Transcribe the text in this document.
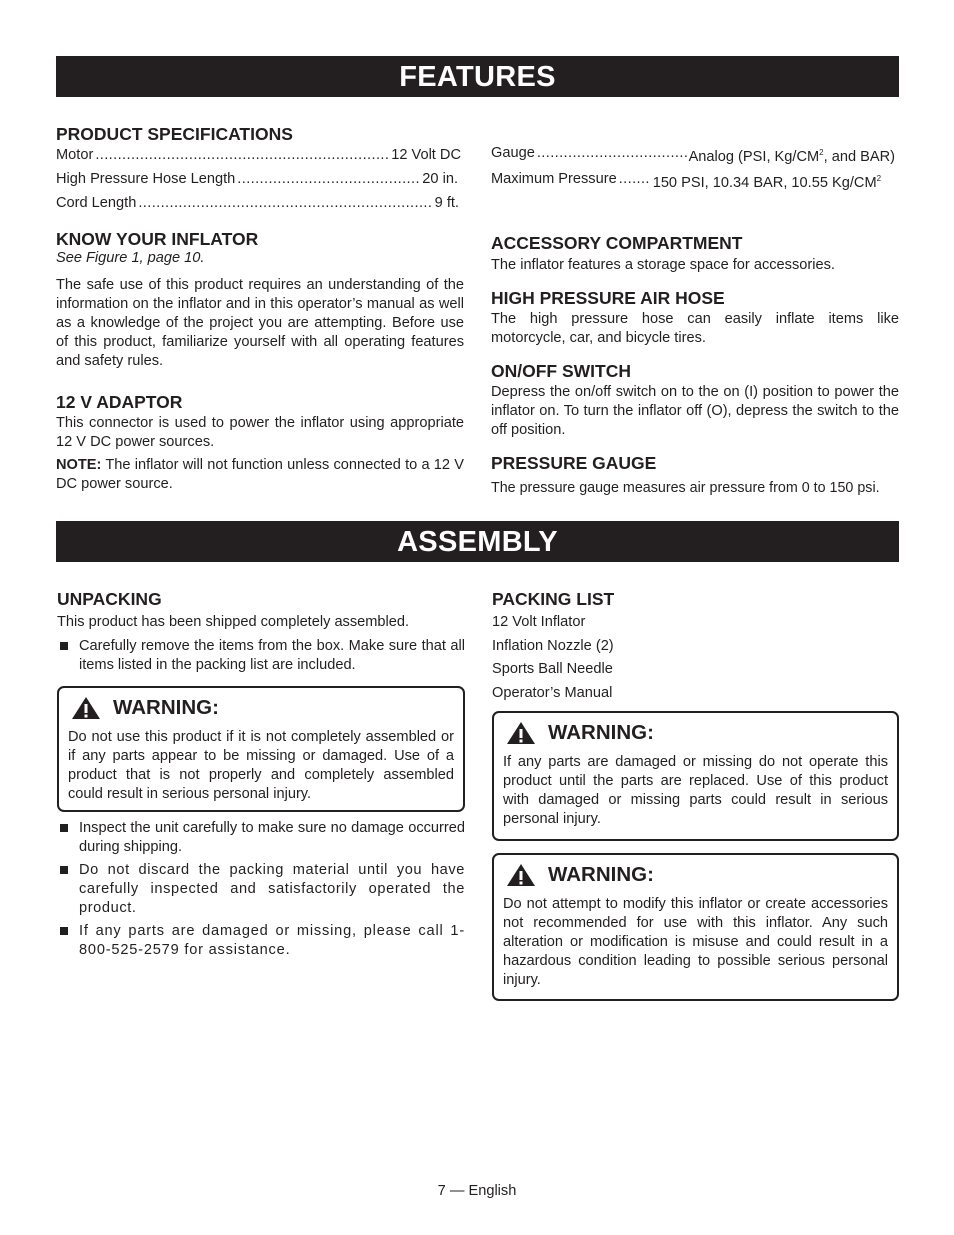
FEATURES
PRODUCT SPECIFICATIONS
Motor .....	12 Volt DC
High Pressure Hose Length .....	20 in.
Cord Length .....	9 ft.
KNOW YOUR INFLATOR
See Figure 1, page 10.

The safe use of this product requires an understanding of the information on the inflator and in this operator’s manual as well as a knowledge of the project you are attempting. Before use of this product, familiarize yourself with all operating features and safety rules.

12 V ADAPTOR

This connector is used to power the inflator using appropriate 12 V DC power sources.

NOTE: The inflator will not function unless connected to a 12 V DC power source.

Gauge .....	Analog (PSI, $Kg/CM^2$, and BAR)
Maximum Pressure ..... 150 PSI, 10.34 BAR, 10.55 $Kg/CM^2$
ACCESSORY COMPARTMENT

The inflator features a storage space for accessories.

HIGH PRESSURE AIR HOSE

The high pressure hose can easily inflate items like motorcycle, car, and bicycle tires.

ON/OFF SWITCH

Depress the on/off switch on to the on (I) position to power the inflator on. To turn the inflator off (O), depress the switch to the off position.

PRESSURE GAUGE

The pressure gauge measures air pressure from 0 to 150 psi.

ASSEMBLY
UNPACKING

This product has been shipped completely assembled.

Carefully remove the items from the box. Make sure that all items listed in the packing list are included.
WARNING:

Do not use this product if it is not completely assembled or if any parts appear to be missing or damaged. Use of a product that is not properly and completely assembled could result in serious personal injury.

Inspect the unit carefully to make sure no damage occurred during shipping.
Do not discard the packing material until you have carefully inspected and satisfactorily operated the product.
If any parts are damaged or missing, please call 1-800-525-2579 for assistance.
PACKING LIST
12 Volt Inflator
Inflation Nozzle (2)
Sports Ball Needle
Operator’s Manual
WARNING:

If any parts are damaged or missing do not operate this product until the parts are replaced. Use of this product with damaged or missing parts could result in serious personal injury.

WARNING:

Do not attempt to modify this inflator or create accessories not recommended for use with this inflator. Any such alteration or modification is misuse and could result in a hazardous condition leading to possible serious personal injury.

7 — English
